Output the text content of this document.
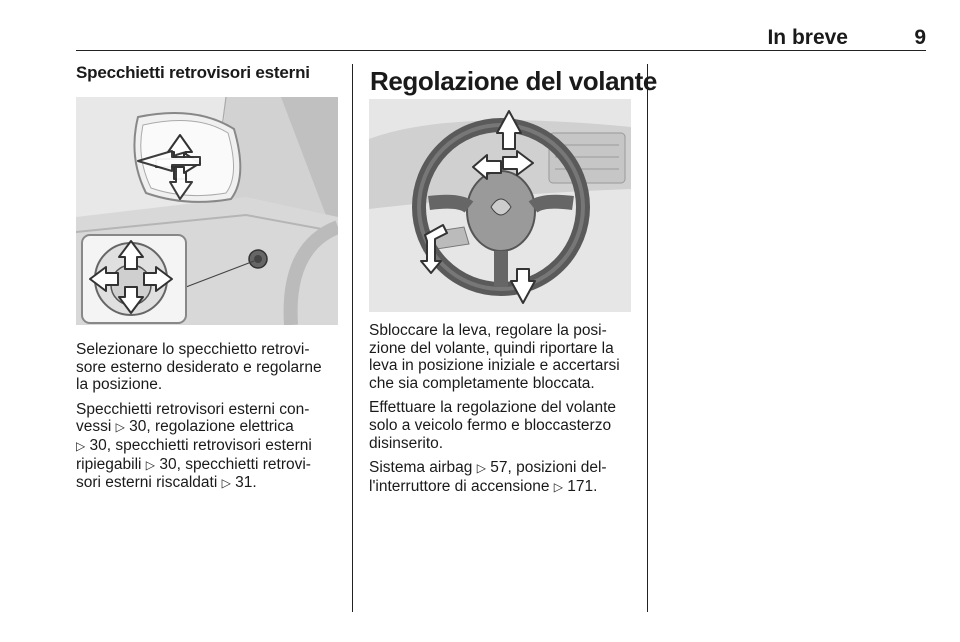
In breve	9
Specchietti retrovisori esterni

Selezionare lo specchietto retrovi-
sore esterno desiderato e regolarne
la posizione.

Specchietti retrovisori esterni con-
vessi ▷ 30, regolazione elettrica
▷ 30, specchietti retrovisori esterni
ripiegabili ▷ 30, specchietti retrovi-
sori esterni riscaldati ▷ 31.

Regolazione del volante

Sbloccare la leva, regolare la posi-
zione del volante, quindi riportare la
leva in posizione iniziale e accertarsi
che sia completamente bloccata.

Effettuare la regolazione del volante
solo a veicolo fermo e bloccasterzo
disinserito.

Sistema airbag ▷ 57, posizioni del-
l'interruttore di accensione ▷ 171.
